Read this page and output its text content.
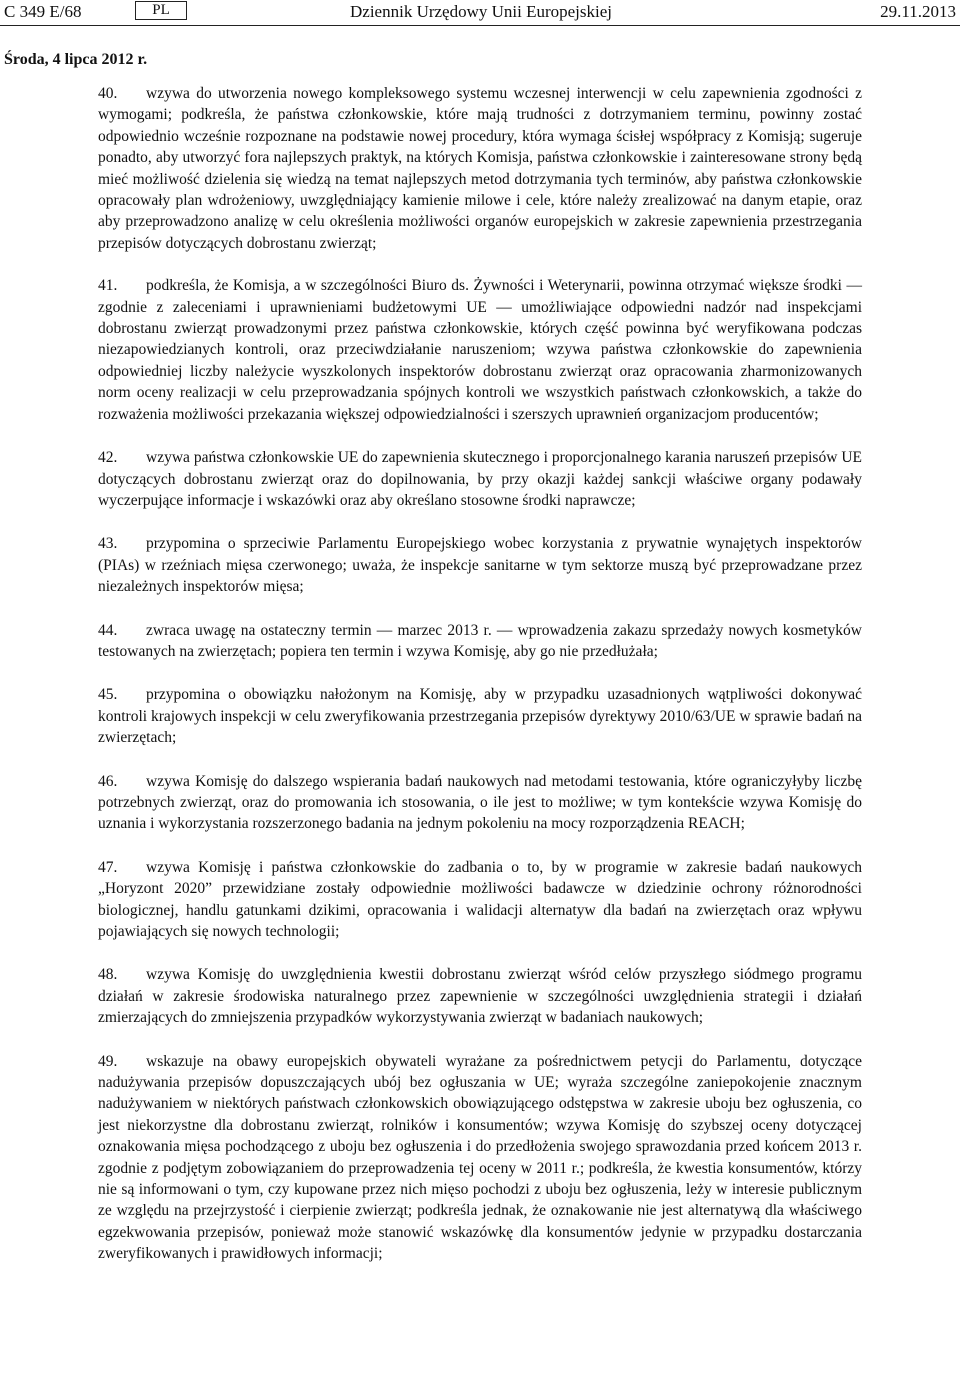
C 349 E/68	PL	Dziennik Urzędowy Unii Europejskiej	29.11.2013
Środa, 4 lipca 2012 r.

40. wzywa do utworzenia nowego kompleksowego systemu wczesnej interwencji w celu zapewnienia zgodności z wymogami; podkreśla, że państwa członkowskie, które mają trudności z dotrzymaniem terminu, powinny zostać odpowiednio wcześnie rozpoznane na podstawie nowej procedury, która wymaga ścisłej współpracy z Komisją; sugeruje ponadto, aby utworzyć fora najlepszych praktyk, na których Komisja, państwa członkowskie i zainteresowane strony będą mieć możliwość dzielenia się wiedzą na temat najlepszych metod dotrzymania tych terminów, aby państwa członkowskie opracowały plan wdrożeniowy, uwzględniający kamienie milowe i cele, które należy zrealizować na danym etapie, oraz aby przeprowadzono analizę w celu określenia możliwości organów europejskich w zakresie zapewnienia przestrzegania przepisów dotyczących dobrostanu zwierząt;

41. podkreśla, że Komisja, a w szczególności Biuro ds. Żywności i Weterynarii, powinna otrzymać większe środki — zgodnie z zaleceniami i uprawnieniami budżetowymi UE — umożliwiające odpowiedni nadzór nad inspekcjami dobrostanu zwierząt prowadzonymi przez państwa członkowskie, których część powinna być weryfikowana podczas niezapowiedzianych kontroli, oraz przeciwdziałanie naruszeniom; wzywa państwa członkowskie do zapewnienia odpowiedniej liczby należycie wyszkolonych inspektorów dobrostanu zwierząt oraz opracowania zharmonizowanych norm oceny realizacji w celu przeprowadzania spójnych kontroli we wszystkich państwach członkowskich, a także do rozważenia możliwości przekazania większej odpowiedzialności i szerszych uprawnień organizacjom producentów;

42. wzywa państwa członkowskie UE do zapewnienia skutecznego i proporcjonalnego karania naruszeń przepisów UE dotyczących dobrostanu zwierząt oraz do dopilnowania, by przy okazji każdej sankcji właściwe organy podawały wyczerpujące informacje i wskazówki oraz aby określano stosowne środki naprawcze;

43. przypomina o sprzeciwie Parlamentu Europejskiego wobec korzystania z prywatnie wynajętych inspektorów (PIAs) w rzeźniach mięsa czerwonego; uważa, że inspekcje sanitarne w tym sektorze muszą być przeprowadzane przez niezależnych inspektorów mięsa;

44. zwraca uwagę na ostateczny termin — marzec 2013 r. — wprowadzenia zakazu sprzedaży nowych kosmetyków testowanych na zwierzętach; popiera ten termin i wzywa Komisję, aby go nie przedłużała;

45. przypomina o obowiązku nałożonym na Komisję, aby w przypadku uzasadnionych wątpliwości dokonywać kontroli krajowych inspekcji w celu zweryfikowania przestrzegania przepisów dyrektywy 2010/63/UE w sprawie badań na zwierzętach;

46. wzywa Komisję do dalszego wspierania badań naukowych nad metodami testowania, które ograniczyłyby liczbę potrzebnych zwierząt, oraz do promowania ich stosowania, o ile jest to możliwe; w tym kontekście wzywa Komisję do uznania i wykorzystania rozszerzonego badania na jednym pokoleniu na mocy rozporządzenia REACH;

47. wzywa Komisję i państwa członkowskie do zadbania o to, by w programie w zakresie badań naukowych „Horyzont 2020” przewidziane zostały odpowiednie możliwości badawcze w dziedzinie ochrony różnorodności biologicznej, handlu gatunkami dzikimi, opracowania i walidacji alternatyw dla badań na zwierzętach oraz wpływu pojawiających się nowych technologii;

48. wzywa Komisję do uwzględnienia kwestii dobrostanu zwierząt wśród celów przyszłego siódmego programu działań w zakresie środowiska naturalnego przez zapewnienie w szczególności uwzględnienia strategii i działań zmierzających do zmniejszenia przypadków wykorzystywania zwierząt w badaniach naukowych;

49. wskazuje na obawy europejskich obywateli wyrażane za pośrednictwem petycji do Parlamentu, dotyczące nadużywania przepisów dopuszczających ubój bez ogłuszania w UE; wyraża szczególne zaniepokojenie znacznym nadużywaniem w niektórych państwach członkowskich obowiązującego odstępstwa w zakresie uboju bez ogłuszenia, co jest niekorzystne dla dobrostanu zwierząt, rolników i konsumentów; wzywa Komisję do szybszej oceny dotyczącej oznakowania mięsa pochodzącego z uboju bez ogłuszenia i do przedłożenia swojego sprawozdania przed końcem 2013 r. zgodnie z podjętym zobowiązaniem do przeprowadzenia tej oceny w 2011 r.; podkreśla, że kwestia konsumentów, którzy nie są informowani o tym, czy kupowane przez nich mięso pochodzi z uboju bez ogłuszenia, leży w interesie publicznym ze względu na przejrzystość i cierpienie zwierząt; podkreśla jednak, że oznakowanie nie jest alternatywą dla właściwego egzekwowania przepisów, ponieważ może stanowić wskazówkę dla konsumentów jedynie w przypadku dostarczania zweryfikowanych i prawidłowych informacji;
